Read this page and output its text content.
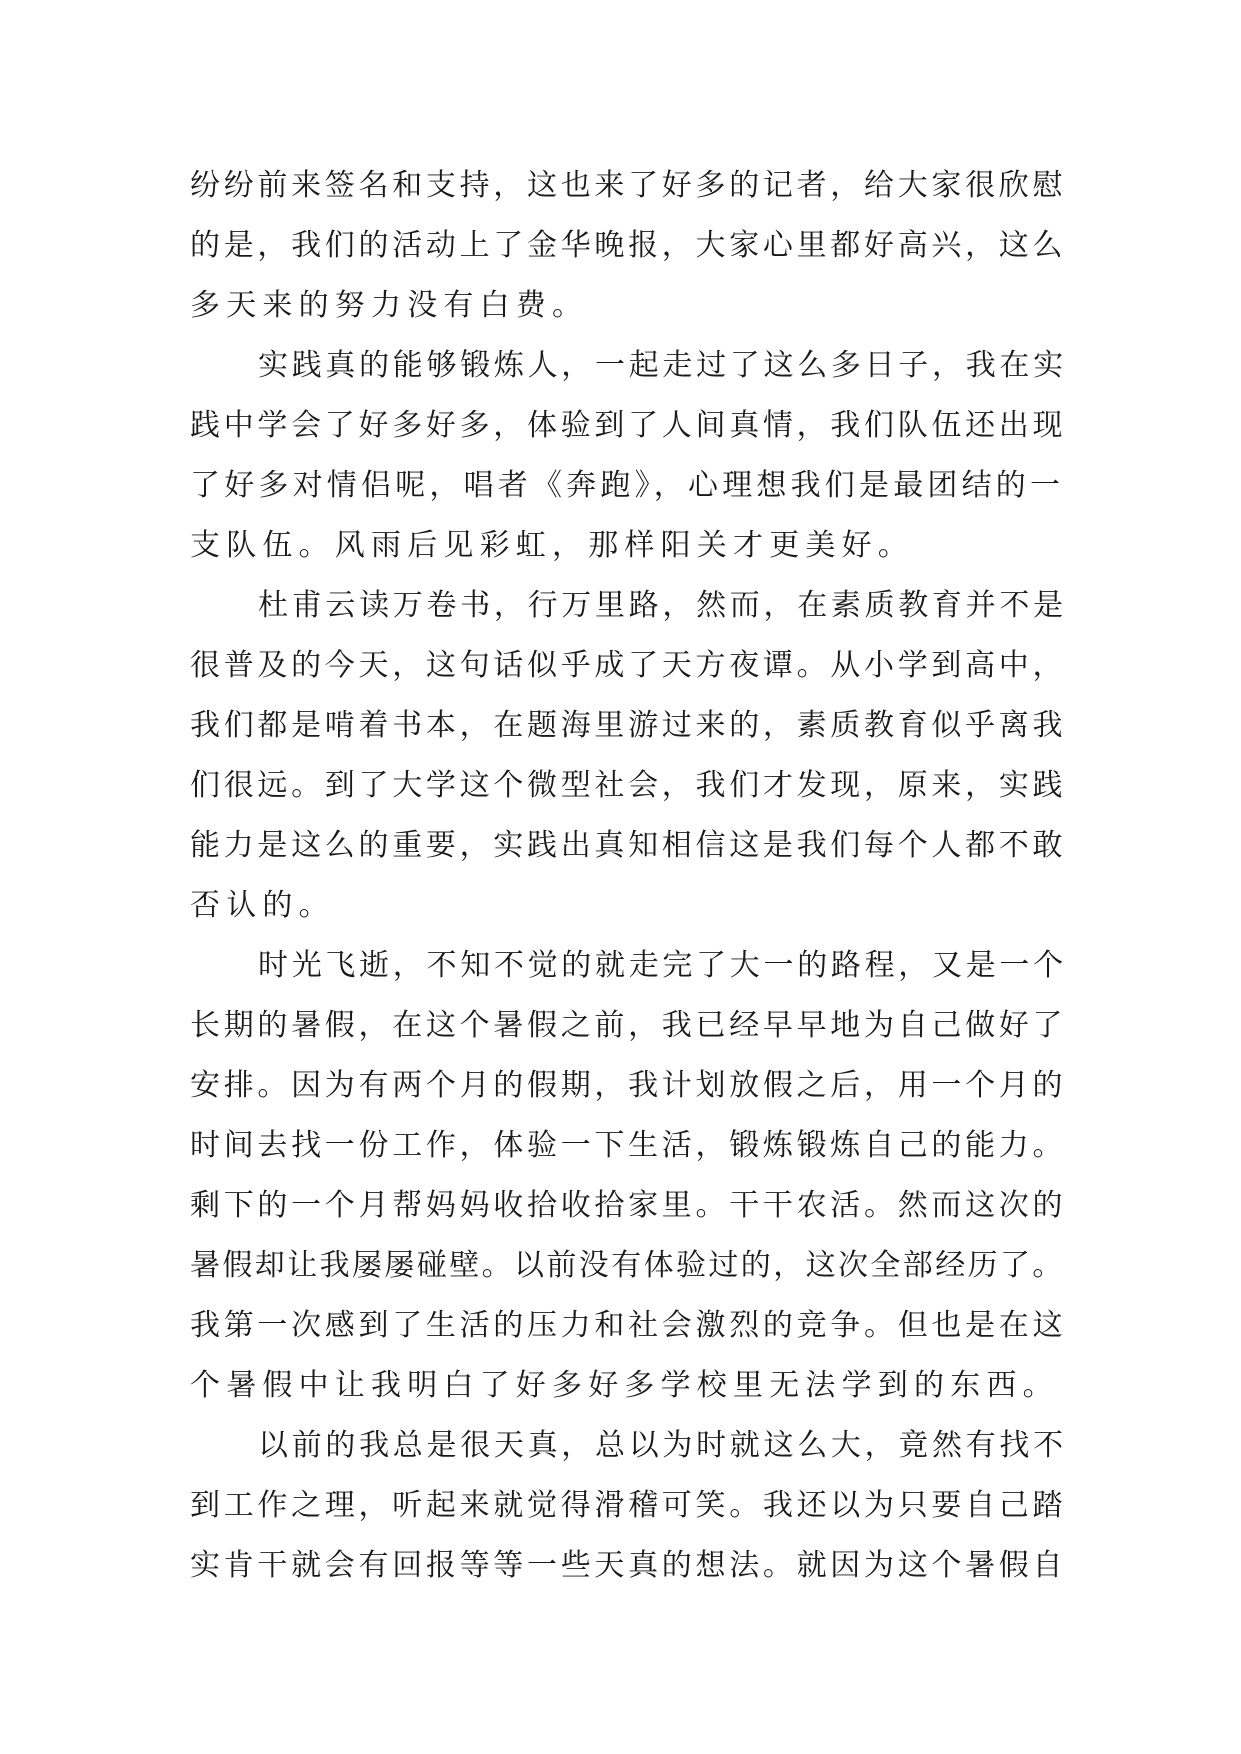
纷纷前来签名和支持，这也来了好多的记者，给大家很欣慰
的是，我们的活动上了金华晚报，大家心里都好高兴，这么
多天来的努力没有白费。
实践真的能够锻炼人，一起走过了这么多日子，我在实
践中学会了好多好多，体验到了人间真情，我们队伍还出现
了好多对情侣呢，唱者《奔跑》，心理想我们是最团结的一
支队伍。风雨后见彩虹，那样阳关才更美好。
杜甫云读万卷书，行万里路，然而，在素质教育并不是
很普及的今天，这句话似乎成了天方夜谭。从小学到高中，
我们都是啃着书本，在题海里游过来的，素质教育似乎离我
们很远。到了大学这个微型社会，我们才发现，原来，实践
能力是这么的重要，实践出真知相信这是我们每个人都不敢
否认的。
时光飞逝，不知不觉的就走完了大一的路程，又是一个
长期的暑假，在这个暑假之前，我已经早早地为自己做好了
安排。因为有两个月的假期，我计划放假之后，用一个月的
时间去找一份工作，体验一下生活，锻炼锻炼自己的能力。
剩下的一个月帮妈妈收拾收拾家里。干干农活。然而这次的
暑假却让我屡屡碰壁。以前没有体验过的，这次全部经历了。
我第一次感到了生活的压力和社会激烈的竞争。但也是在这
个暑假中让我明白了好多好多学校里无法学到的东西。
以前的我总是很天真，总以为时就这么大，竟然有找不
到工作之理，听起来就觉得滑稽可笑。我还以为只要自己踏
实肯干就会有回报等等一些天真的想法。就因为这个暑假自
